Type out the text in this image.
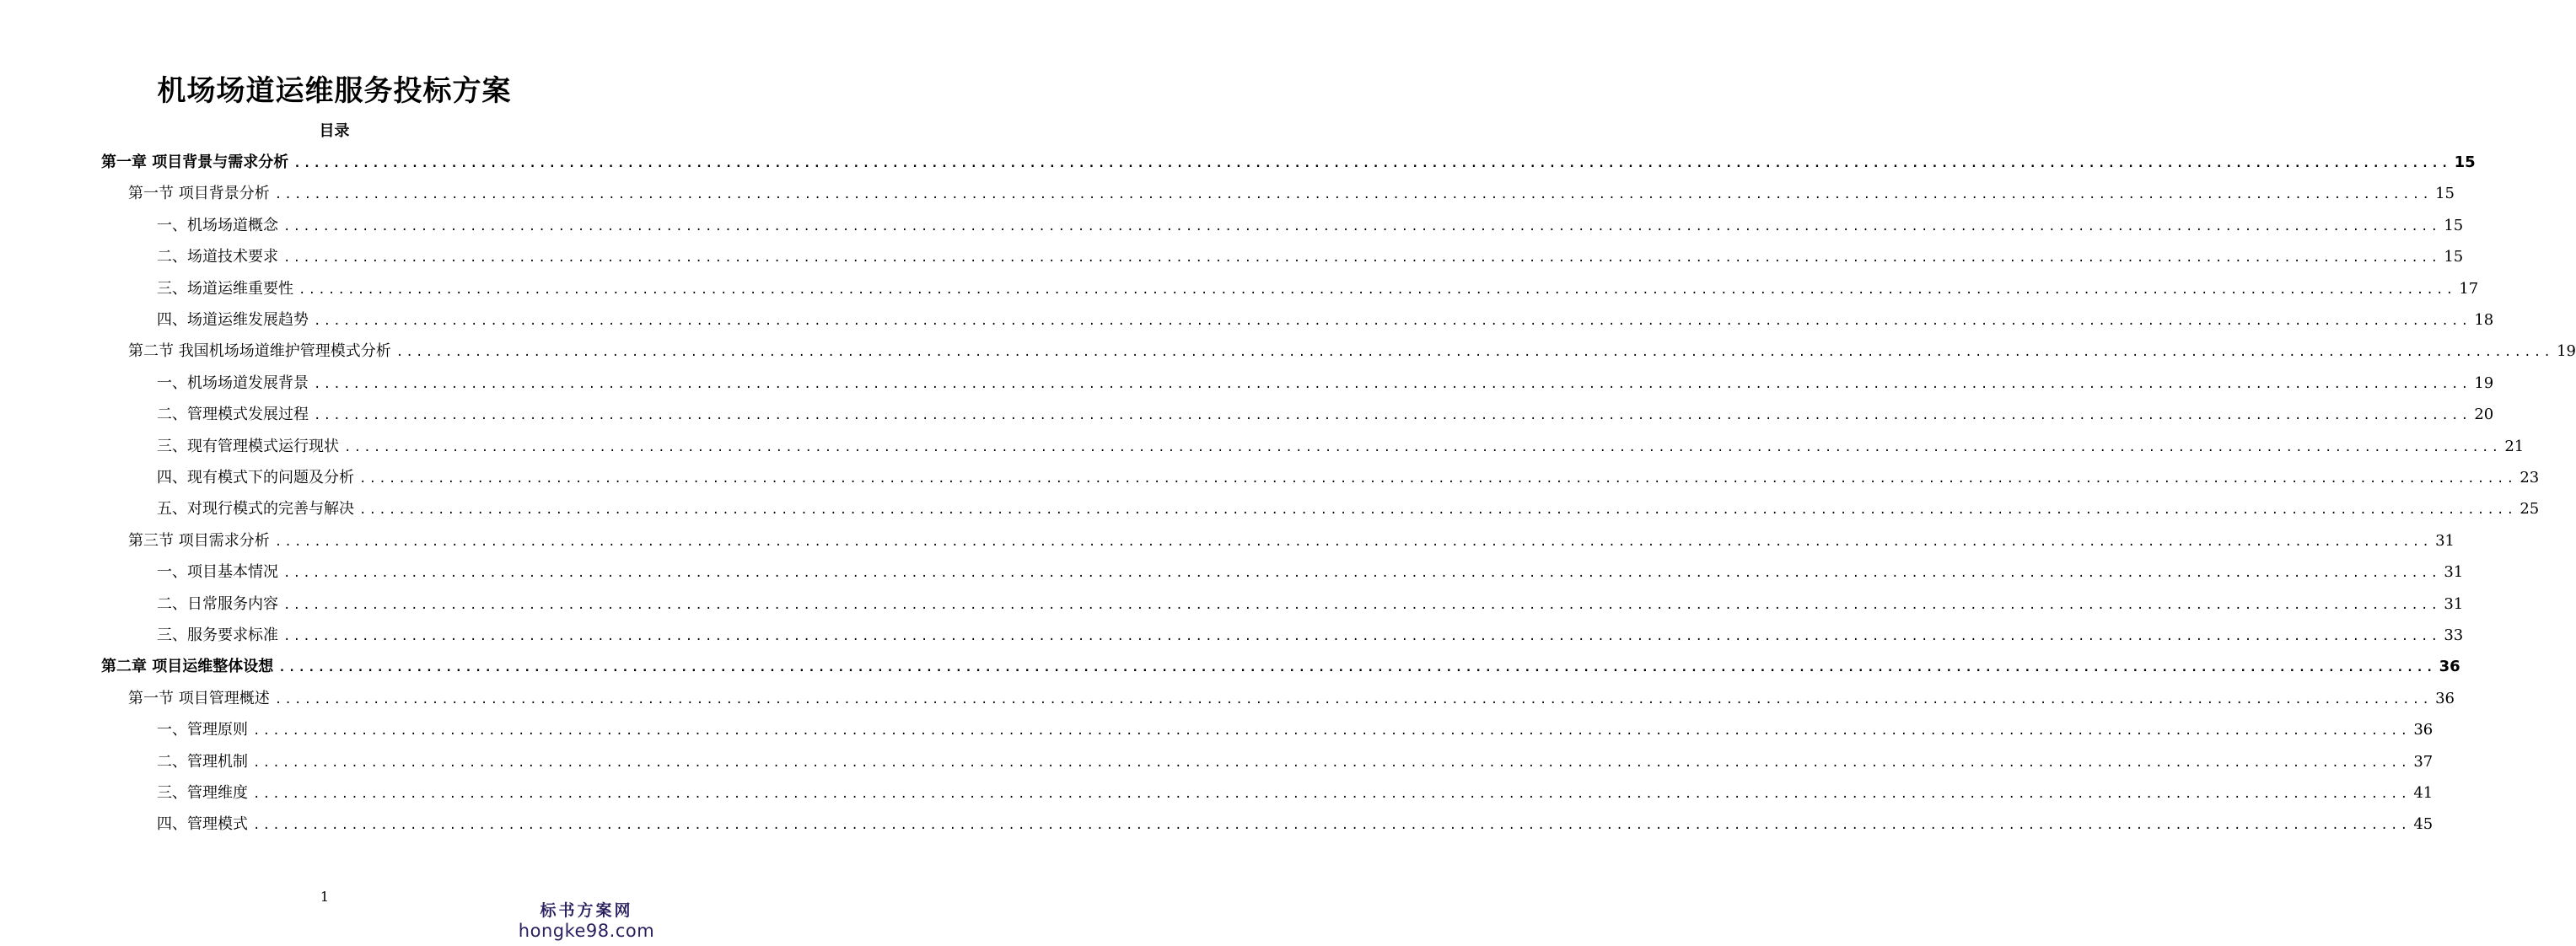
机场场道运维服务投标方案
目录
第一章 项目背景与需求分析 ............................................................................................................................................................................................................................ 15
第一节 项目背景分析 ............................................................................................................................................................................................................................ 15
一、机场场道概念 ............................................................................................................................................................................................................................ 15
二、场道技术要求 ............................................................................................................................................................................................................................ 15
三、场道运维重要性 ............................................................................................................................................................................................................................ 17
四、场道运维发展趋势 ............................................................................................................................................................................................................................ 18
第二节 我国机场场道维护管理模式分析 ............................................................................................................................................................................................................................ 19
一、机场场道发展背景 ............................................................................................................................................................................................................................ 19
二、管理模式发展过程 ............................................................................................................................................................................................................................ 20
三、现有管理模式运行现状 ............................................................................................................................................................................................................................ 21
四、现有模式下的问题及分析 ............................................................................................................................................................................................................................ 23
五、对现行模式的完善与解决 ............................................................................................................................................................................................................................ 25
第三节 项目需求分析 ............................................................................................................................................................................................................................ 31
一、项目基本情况 ............................................................................................................................................................................................................................ 31
二、日常服务内容 ............................................................................................................................................................................................................................ 31
三、服务要求标准 ............................................................................................................................................................................................................................ 33
第二章 项目运维整体设想 ............................................................................................................................................................................................................................ 36
第一节 项目管理概述 ............................................................................................................................................................................................................................ 36
一、管理原则 ............................................................................................................................................................................................................................ 36
二、管理机制 ............................................................................................................................................................................................................................ 37
三、管理维度 ............................................................................................................................................................................................................................ 41
四、管理模式 ............................................................................................................................................................................................................................ 45
1
标书方案网
hongke98.com
